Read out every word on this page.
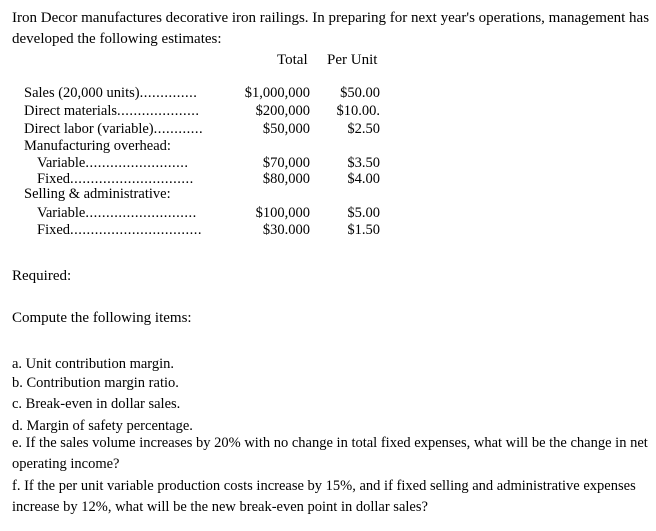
Iron Decor manufactures decorative iron railings. In preparing for next year's operations, management has developed the following estimates:
Total Per Unit
Sales (20,000 units)..............	$1,000,000 $50.00
Direct materials....................	$200,000 $10.00.
Direct labor (variable)............	$50,000	$2.50
Manufacturing overhead:
Variable.........................	$70,000	$3.50
Fixed..............................	$80,000	$4.00
Selling & administrative:
Variable...........................	$100,000	$5.00
Fixed................................	$30.000	$1.50
Required:
Compute the following items:
a. Unit contribution margin.
b. Contribution margin ratio.
c. Break-even in dollar sales.
d. Margin of safety percentage.
e. If the sales volume increases by 20% with no change in total fixed expenses, what will be the change in net operating income?
f. If the per unit variable production costs increase by 15%, and if fixed selling and administrative expenses increase by 12%, what will be the new break-even point in dollar sales?
